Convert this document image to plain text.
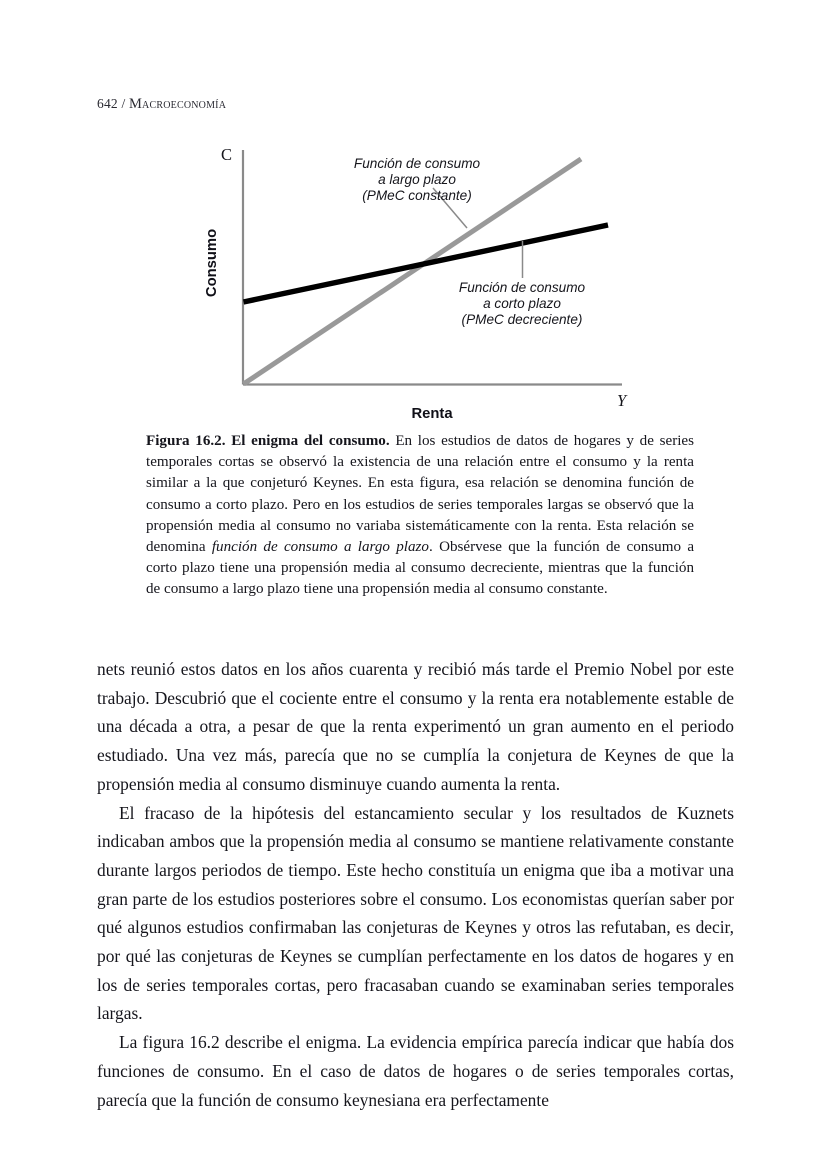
642 / Macroeconomía
C
Y
Consumo
Renta
Función de consumo
a largo plazo
(PMeC constante)
Función de consumo
a corto plazo
(PMeC decreciente)
Figura 16.2. El enigma del consumo. En los estudios de datos de hogares y de series temporales cortas se observó la existencia de una relación entre el consumo y la renta similar a la que conjeturó Keynes. En esta figura, esa relación se denomina función de consumo a corto plazo. Pero en los estudios de series temporales largas se observó que la propensión media al consumo no variaba sistemáticamente con la renta. Esta relación se denomina función de consumo a largo plazo. Obsérvese que la función de consumo a corto plazo tiene una propensión media al consumo decreciente, mientras que la función de consumo a largo plazo tiene una propensión media al consumo constante.

nets reunió estos datos en los años cuarenta y recibió más tarde el Premio Nobel por este trabajo. Descubrió que el cociente entre el consumo y la renta era notablemente estable de una década a otra, a pesar de que la renta experimentó un gran aumento en el periodo estudiado. Una vez más, parecía que no se cumplía la conjetura de Keynes de que la propensión media al consumo disminuye cuando aumenta la renta.

El fracaso de la hipótesis del estancamiento secular y los resultados de Kuznets indicaban ambos que la propensión media al consumo se mantiene relativamente constante durante largos periodos de tiempo. Este hecho constituía un enigma que iba a motivar una gran parte de los estudios posteriores sobre el consumo. Los economistas querían saber por qué algunos estudios confirmaban las conjeturas de Keynes y otros las refutaban, es decir, por qué las conjeturas de Keynes se cumplían perfectamente en los datos de hogares y en los de series temporales cortas, pero fracasaban cuando se examinaban series temporales largas.

La figura 16.2 describe el enigma. La evidencia empírica parecía indicar que había dos funciones de consumo. En el caso de datos de hogares o de series temporales cortas, parecía que la función de consumo keynesiana era perfectamente
